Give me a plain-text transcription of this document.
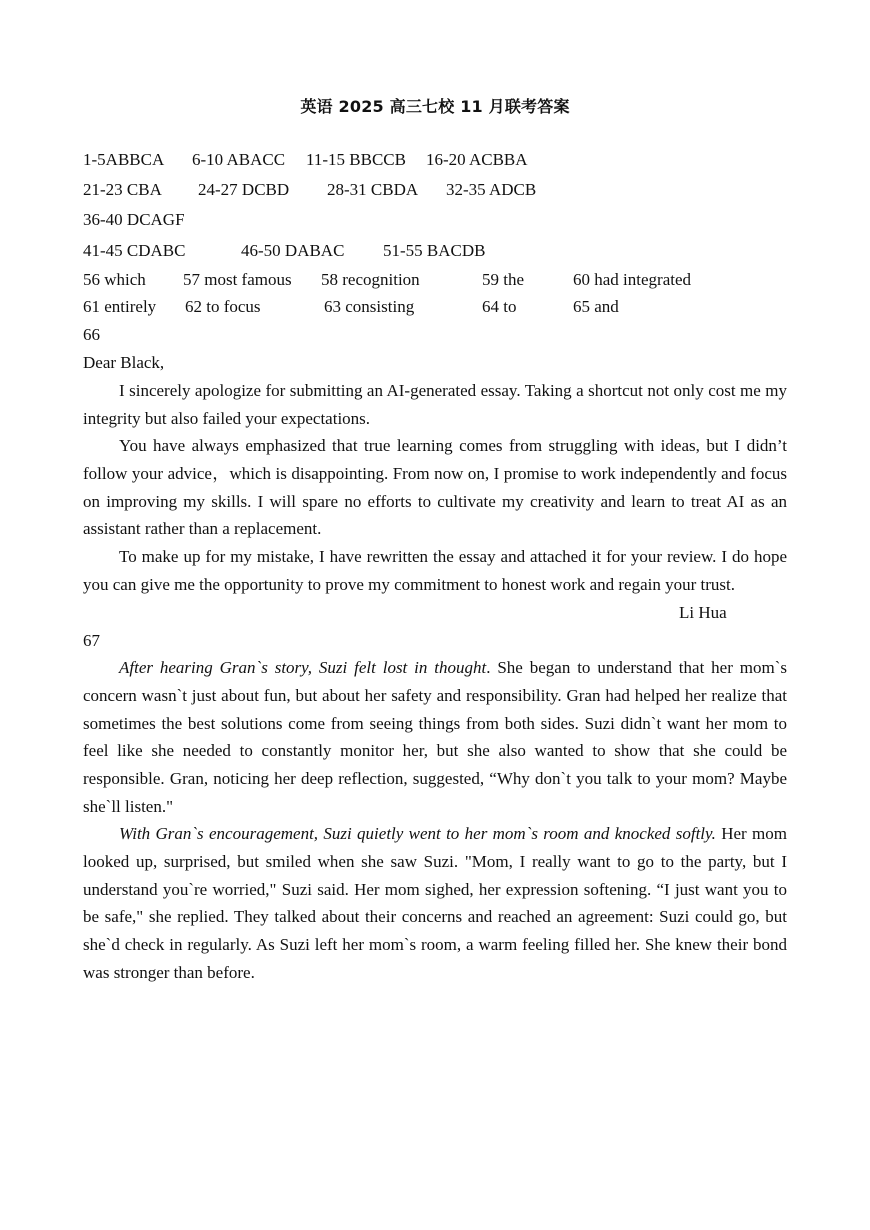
英语 2025 高三七校 11 月联考答案
1-5ABBCA 6-10 ABACC 11-15 BBCCB 16-20 ACBBA
21-23 CBA 24-27 DCBD 28-31 CBDA 32-35 ADCB
36-40 DCAGF
41-45 CDABC	46-50 DABAC 51-55 BACDB
56 which 57 most famous 58 recognition	59 the	60 had integrated
61 entirely 62 to focus	63 consisting	64 to	65 and
66
Dear Black,

I sincerely apologize for submitting an AI-generated essay. Taking a shortcut not only cost me my integrity but also failed your expectations.

You have always emphasized that true learning comes from struggling with ideas, but I didn’t follow your advice，which is disappointing. From now on, I promise to work independently and focus on improving my skills. I will spare no efforts to cultivate my creativity and learn to treat AI as an assistant rather than a replacement.

To make up for my mistake, I have rewritten the essay and attached it for your review. I do hope you can give me the opportunity to prove my commitment to honest work and regain your trust.

Li Hua
67

After hearing Gran`s story, Suzi felt lost in thought. She began to understand that her mom`s concern wasn`t just about fun, but about her safety and responsibility. Gran had helped her realize that sometimes the best solutions come from seeing things from both sides. Suzi didn`t want her mom to feel like she needed to constantly monitor her, but she also wanted to show that she could be responsible. Gran, noticing her deep reflection, suggested, “Why don`t you talk to your mom? Maybe she`ll listen."

With Gran`s encouragement, Suzi quietly went to her mom`s room and knocked softly. Her mom looked up, surprised, but smiled when she saw Suzi. "Mom, I really want to go to the party, but I understand you`re worried," Suzi said. Her mom sighed, her expression softening. “I just want you to be safe," she replied. They talked about their concerns and reached an agreement: Suzi could go, but she`d check in regularly. As Suzi left her mom`s room, a warm feeling filled her. She knew their bond was stronger than before.
